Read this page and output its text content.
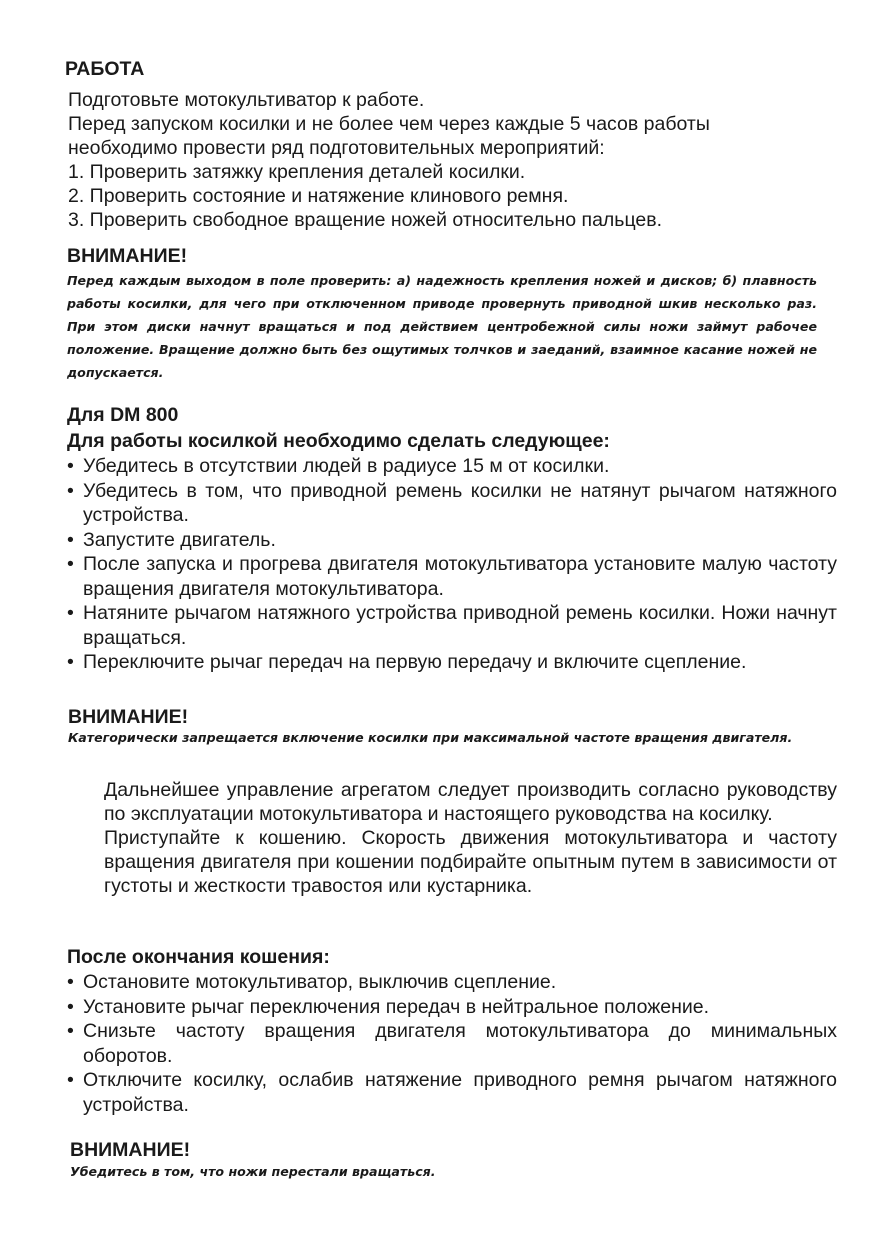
РАБОТА

Подготовьте мотокультиватор к работе.

Перед запуском косилки и не более чем через каждые 5 часов работы

необходимо провести ряд подготовительных мероприятий:

1. Проверить затяжку крепления деталей косилки.

2. Проверить состояние и натяжение клинового ремня.

3. Проверить свободное вращение ножей относительно пальцев.

ВНИМАНИЕ!

Перед каждым выходом в поле проверить: а) надежность крепления ножей и дисков; б) плавность работы косилки, для чего при отключенном приводе провернуть приводной шкив несколько раз. При этом диски начнут вращаться и под действием центробежной силы ножи займут рабочее положение. Вращение должно быть без ощутимых толчков и заеданий, взаимное касание ножей не допускается.

Для DM 800
Для работы косилкой необходимо сделать следующее:
• Убедитесь в отсутствии людей в радиусе 15 м от косилки.
• Убедитесь в том, что приводной ремень косилки не натянут рычагом натяжного устройства.
• Запустите двигатель.
• После запуска и прогрева двигателя мотокультиватора установите малую частоту вращения двигателя мотокультиватора.
• Натяните рычагом натяжного устройства приводной ремень косилки. Ножи начнут вращаться.
• Переключите рычаг передач на первую передачу и включите сцепление.
ВНИМАНИЕ!

Категорически запрещается включение косилки при максимальной частоте вращения двигателя.

Дальнейшее управление агрегатом следует производить согласно руководству по эксплуатации мотокультиватора и настоящего руководства на косилку.

Приступайте к кошению. Скорость движения мотокультиватора и частоту вращения двигателя при кошении подбирайте опытным путем в зависимости от густоты и жесткости травостоя или кустарника.

После окончания кошения:
• Остановите мотокультиватор, выключив сцепление.
• Установите рычаг переключения передач в нейтральное положение.
• Снизьте частоту вращения двигателя мотокультиватора до минимальных оборотов.
• Отключите косилку, ослабив натяжение приводного ремня рычагом натяжного устройства.
ВНИМАНИЕ!

Убедитесь в том, что ножи перестали вращаться.
